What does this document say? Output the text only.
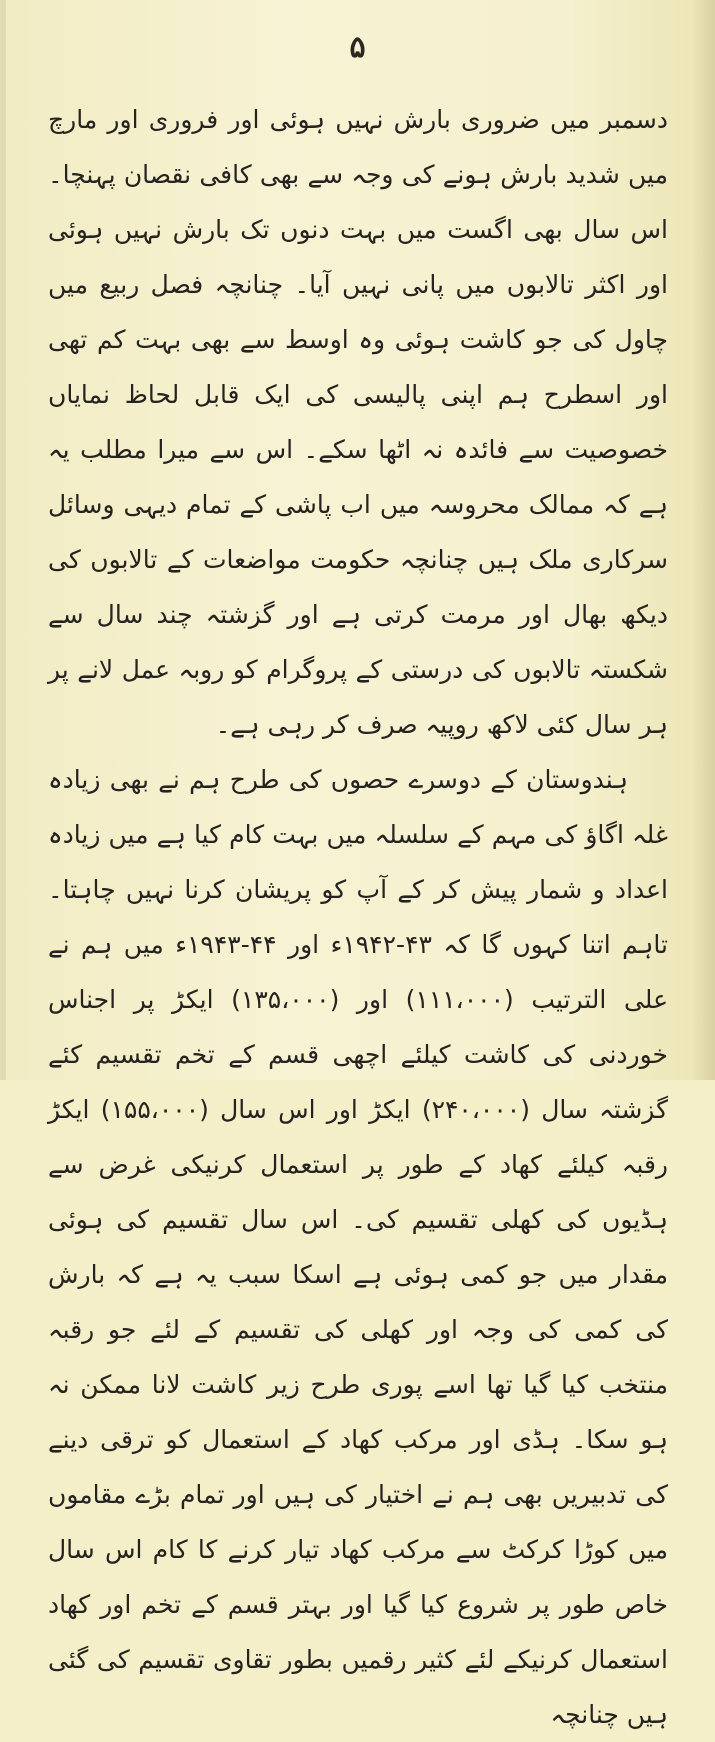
۵

دسمبر میں ضروری بارش نہیں ہوئی اور فروری اور مارچ میں شدید بارش ہونے کی وجہ سے بھی کافی نقصان پہنچا۔ اس سال بھی اگست میں بہت دنوں تک بارش نہیں ہوئی اور اکثر تالابوں میں پانی نہیں آیا۔ چنانچہ فصل ربیع میں چاول کی جو کاشت ہوئی وہ اوسط سے بھی بہت کم تھی اور اسطرح ہم اپنی پالیسی کی ایک قابل لحاظ نمایاں خصوصیت سے فائدہ نہ اٹھا سکے۔ اس سے میرا مطلب یہ ہے کہ ممالک محروسہ میں اب پاشی کے تمام دیہی وسائل سرکاری ملک ہیں چنانچہ حکومت مواضعات کے تالابوں کی دیکھ بھال اور مرمت کرتی ہے اور گزشتہ چند سال سے شکستہ تالابوں کی درستی کے پروگرام کو روبہ عمل لانے پر ہر سال کئی لاکھ روپیہ صرف کر رہی ہے۔

ہندوستان کے دوسرے حصوں کی طرح ہم نے بھی زیادہ غلہ اگاؤ کی مہم کے سلسلہ میں بہت کام کیا ہے میں زیادہ اعداد و شمار پیش کر کے آپ کو پریشان کرنا نہیں چاہتا۔ تاہم اتنا کہوں گا کہ ۴۳-۱۹۴۲ء اور ۴۴-۱۹۴۳ء میں ہم نے علی الترتیب (۱۱۱،۰۰۰) اور (۱۳۵،۰۰۰) ایکڑ پر اجناس خوردنی کی کاشت کیلئے اچھی قسم کے تخم تقسیم کئے گزشتہ سال (۲۴۰،۰۰۰) ایکڑ اور اس سال (۱۵۵،۰۰۰) ایکڑ رقبہ کیلئے کھاد کے طور پر استعمال کرنیکی غرض سے ہڈیوں کی کھلی تقسیم کی۔ اس سال تقسیم کی ہوئی مقدار میں جو کمی ہوئی ہے اسکا سبب یہ ہے کہ بارش کی کمی کی وجہ اور کھلی کی تقسیم کے لئے جو رقبہ منتخب کیا گیا تھا اسے پوری طرح زیر کاشت لانا ممکن نہ ہو سکا۔ ہڈی اور مرکب کھاد کے استعمال کو ترقی دینے کی تدبیریں بھی ہم نے اختیار کی ہیں اور تمام بڑے مقاموں میں کوڑا کرکٹ سے مرکب کھاد تیار کرنے کا کام اس سال خاص طور پر شروع کیا گیا اور بہتر قسم کے تخم اور کھاد استعمال کرنیکے لئے کثیر رقمیں بطور تقاوی تقسیم کی گئی ہیں چنانچہ
